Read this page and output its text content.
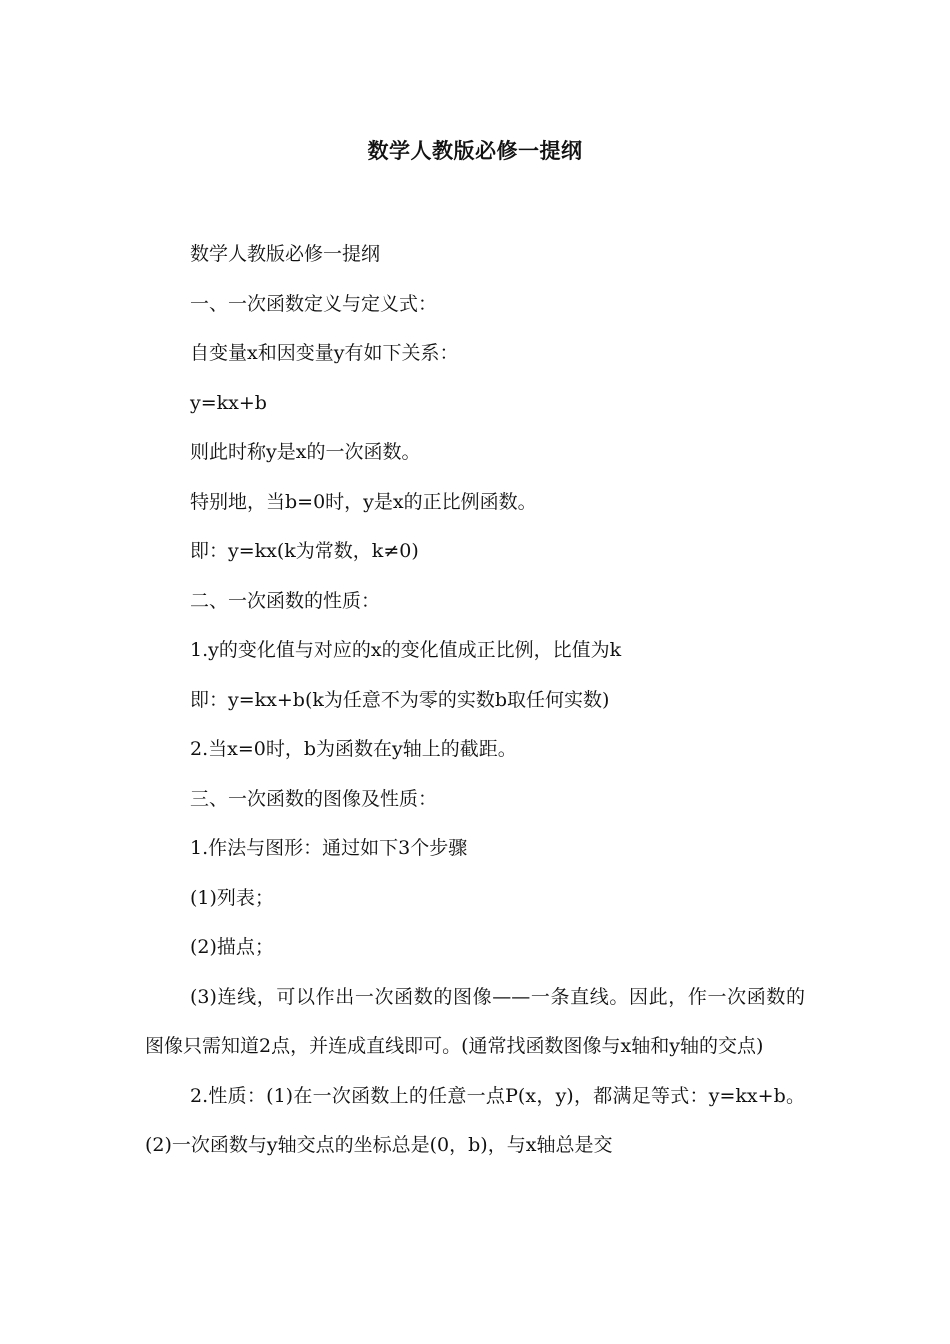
数学人教版必修一提纲

数学人教版必修一提纲

一、一次函数定义与定义式：

自变量x和因变量y有如下关系：

y=kx+b

则此时称y是x的一次函数。

特别地，当b=0时，y是x的正比例函数。

即：y=kx(k为常数，k≠0)

二、一次函数的性质：

1.y的变化值与对应的x的变化值成正比例，比值为k

即：y=kx+b(k为任意不为零的实数b取任何实数)

2.当x=0时，b为函数在y轴上的截距。

三、一次函数的图像及性质：

1.作法与图形：通过如下3个步骤

(1)列表；

(2)描点；

(3)连线，可以作出一次函数的图像——一条直线。因此，作一次函数的图像只需知道2点，并连成直线即可。(通常找函数图像与x轴和y轴的交点)

2.性质：(1)在一次函数上的任意一点P(x，y)，都满足等式：y=kx+b。(2)一次函数与y轴交点的坐标总是(0，b)，与x轴总是交
